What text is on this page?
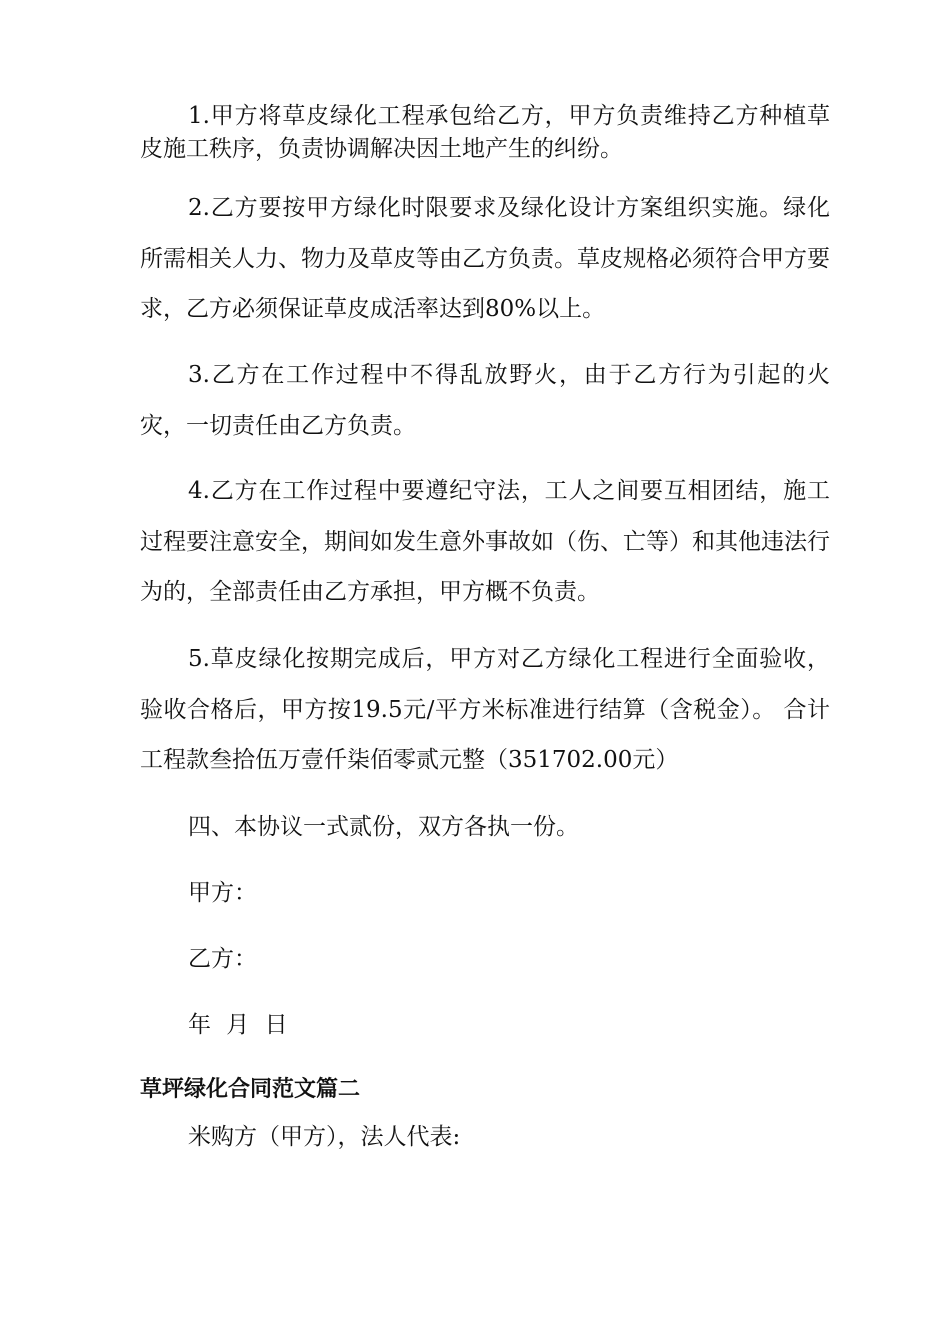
1.甲方将草皮绿化工程承包给乙方，甲方负责维持乙方种植草皮施工秩序，负责协调解决因土地产生的纠纷。

2.乙方要按甲方绿化时限要求及绿化设计方案组织实施。绿化所需相关人力、物力及草皮等由乙方负责。草皮规格必须符合甲方要求，乙方必须保证草皮成活率达到80%以上。

3.乙方在工作过程中不得乱放野火，由于乙方行为引起的火灾，一切责任由乙方负责。

4.乙方在工作过程中要遵纪守法，工人之间要互相团结，施工过程要注意安全，期间如发生意外事故如（伤、亡等）和其他违法行为的，全部责任由乙方承担，甲方概不负责。

5.草皮绿化按期完成后，甲方对乙方绿化工程进行全面验收，验收合格后，甲方按19.5元/平方米标准进行结算（含税金）。 合计工程款叁拾伍万壹仟柒佰零贰元整（351702.00元）

四、本协议一式贰份，双方各执一份。

甲方：

乙方：

年 月 日

草坪绿化合同范文篇二

米购方（甲方），法人代表:
